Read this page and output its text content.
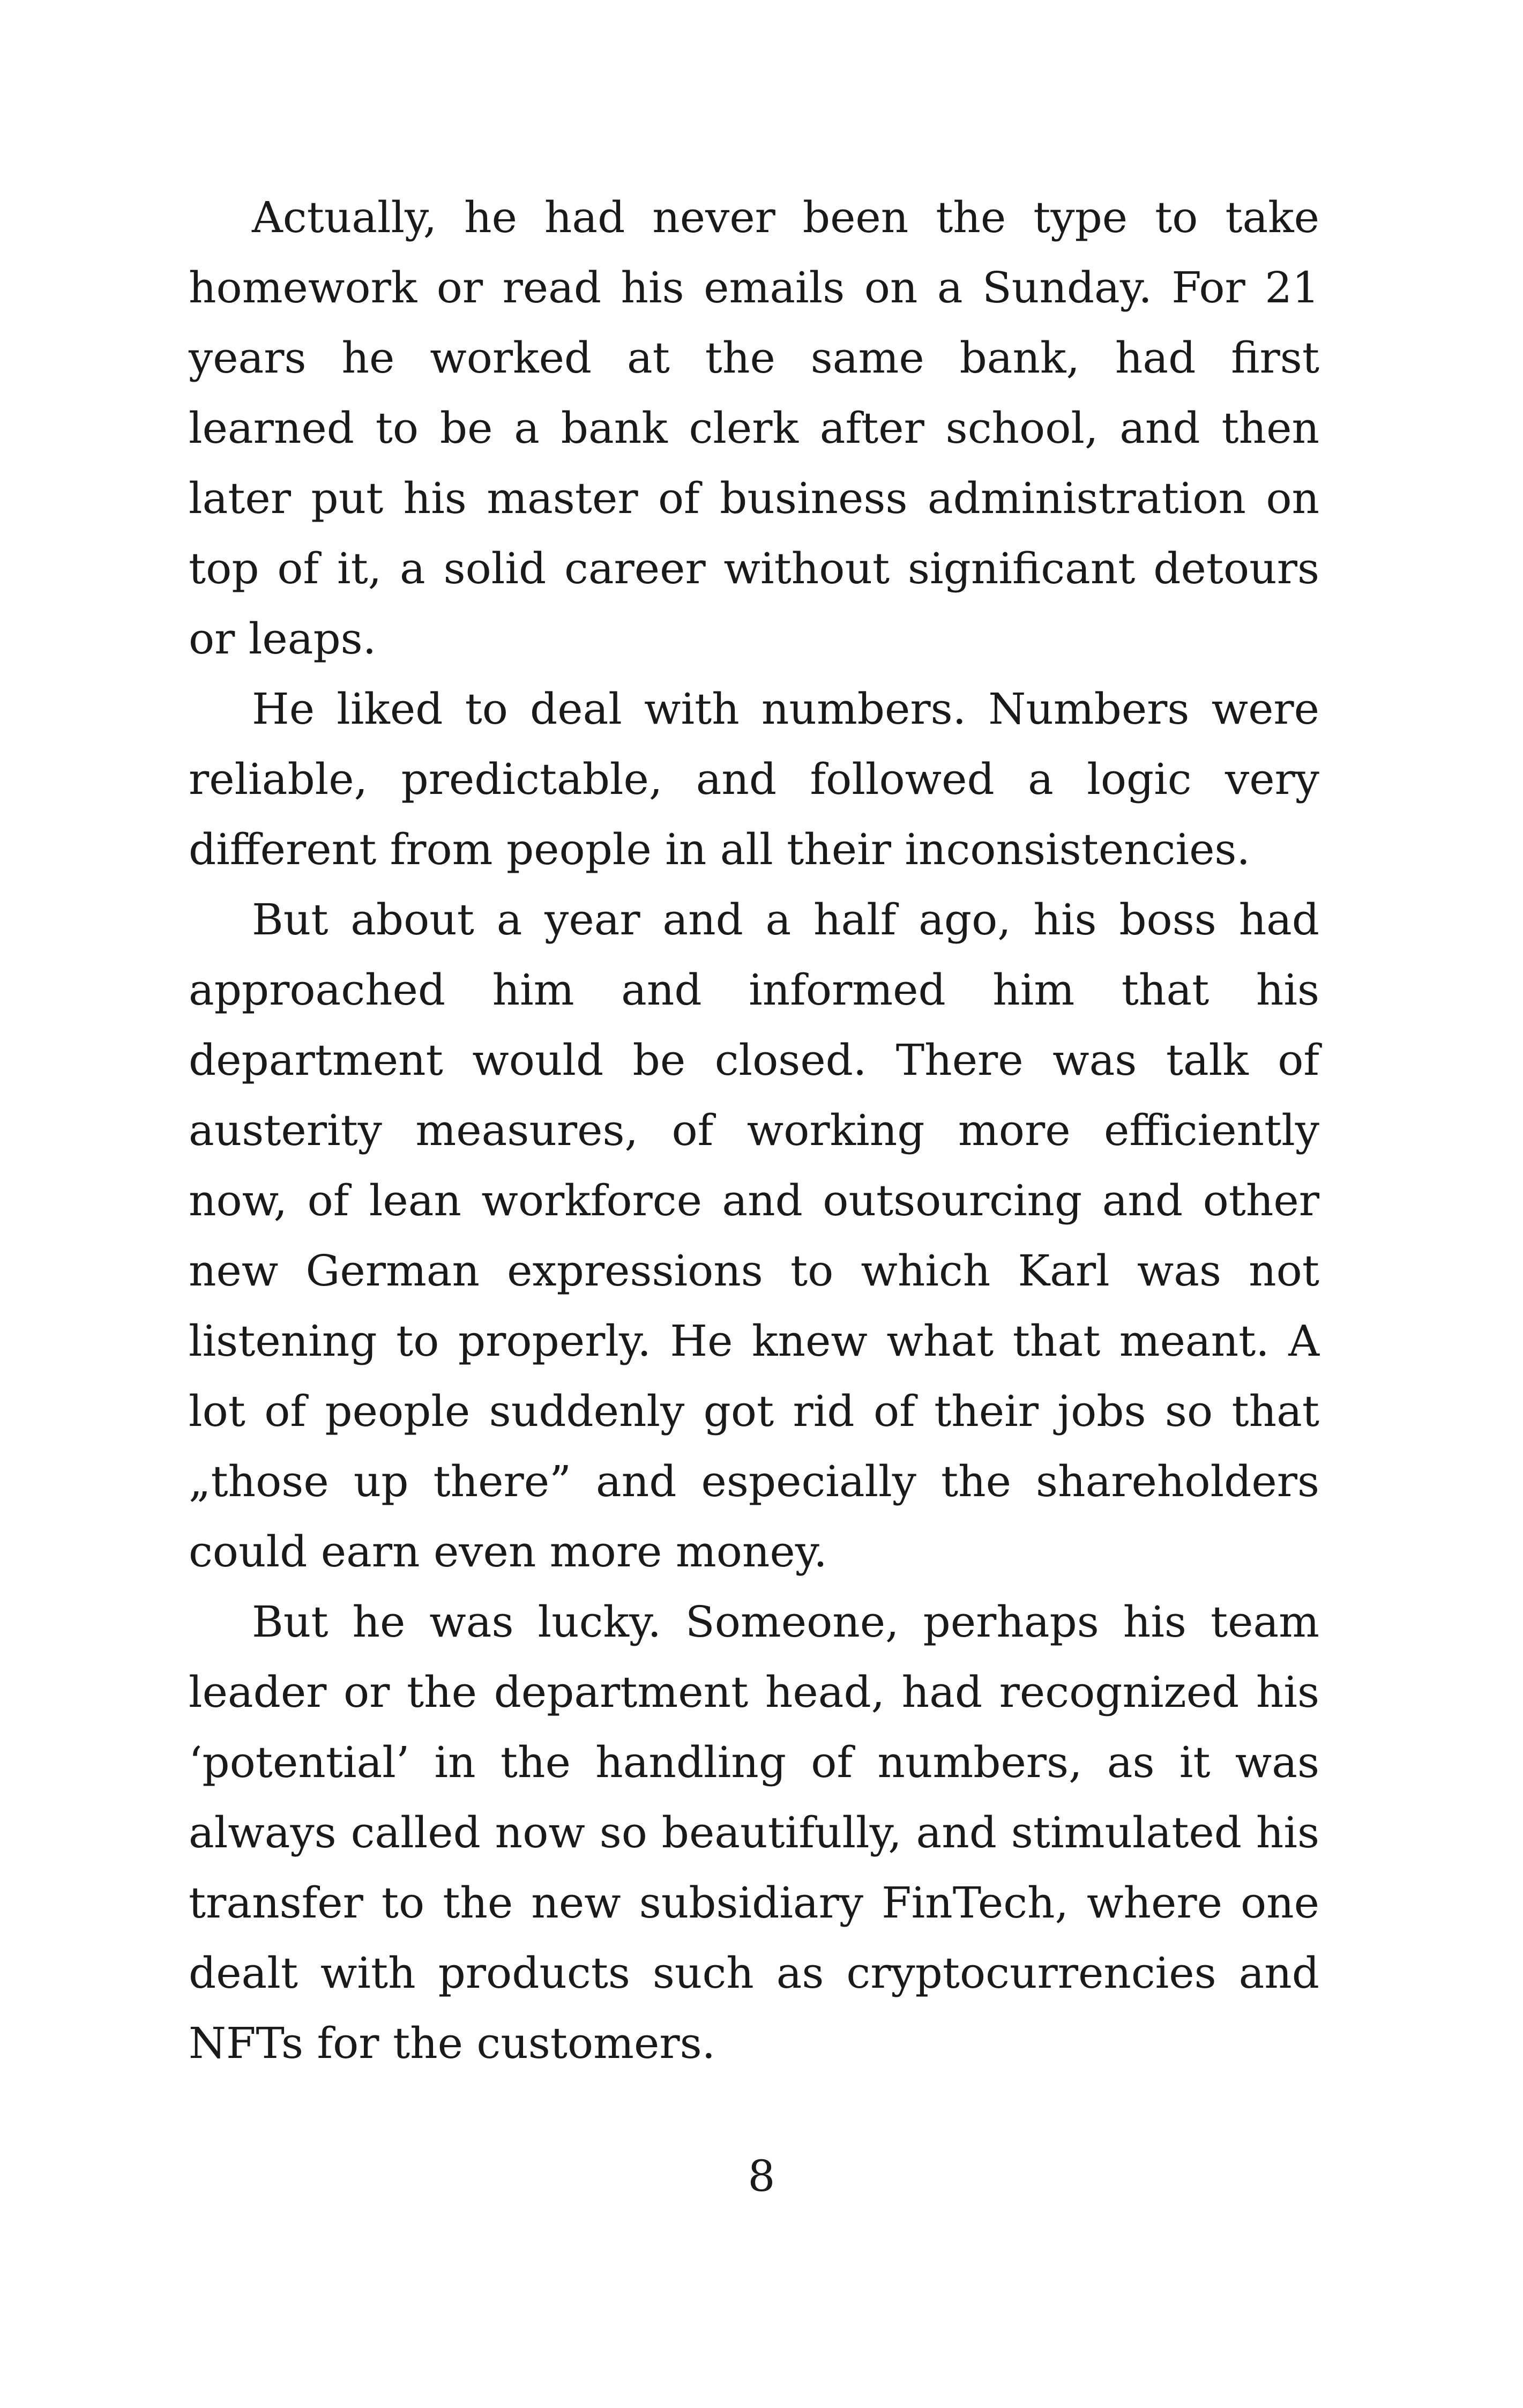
Actually, he had never been the type to take homework or read his emails on a Sunday. For 21 years he worked at the same bank, had first learned to be a bank clerk after school, and then later put his master of business administration on top of it, a solid career without significant detours or leaps.

He liked to deal with numbers. Numbers were reliable, predictable, and followed a logic very different from people in all their inconsistencies.

But about a year and a half ago, his boss had approached him and informed him that his department would be closed. There was talk of austerity measures, of working more efficiently now, of lean workforce and outsourcing and other new German expressions to which Karl was not listening to properly. He knew what that meant. A lot of people suddenly got rid of their jobs so that „those up there” and especially the shareholders could earn even more money.

But he was lucky. Someone, perhaps his team leader or the department head, had recognized his ‘potential’ in the handling of numbers, as it was always called now so beautifully, and stimulated his transfer to the new subsidiary FinTech, where one dealt with products such as cryptocurrencies and NFTs for the customers.

8
